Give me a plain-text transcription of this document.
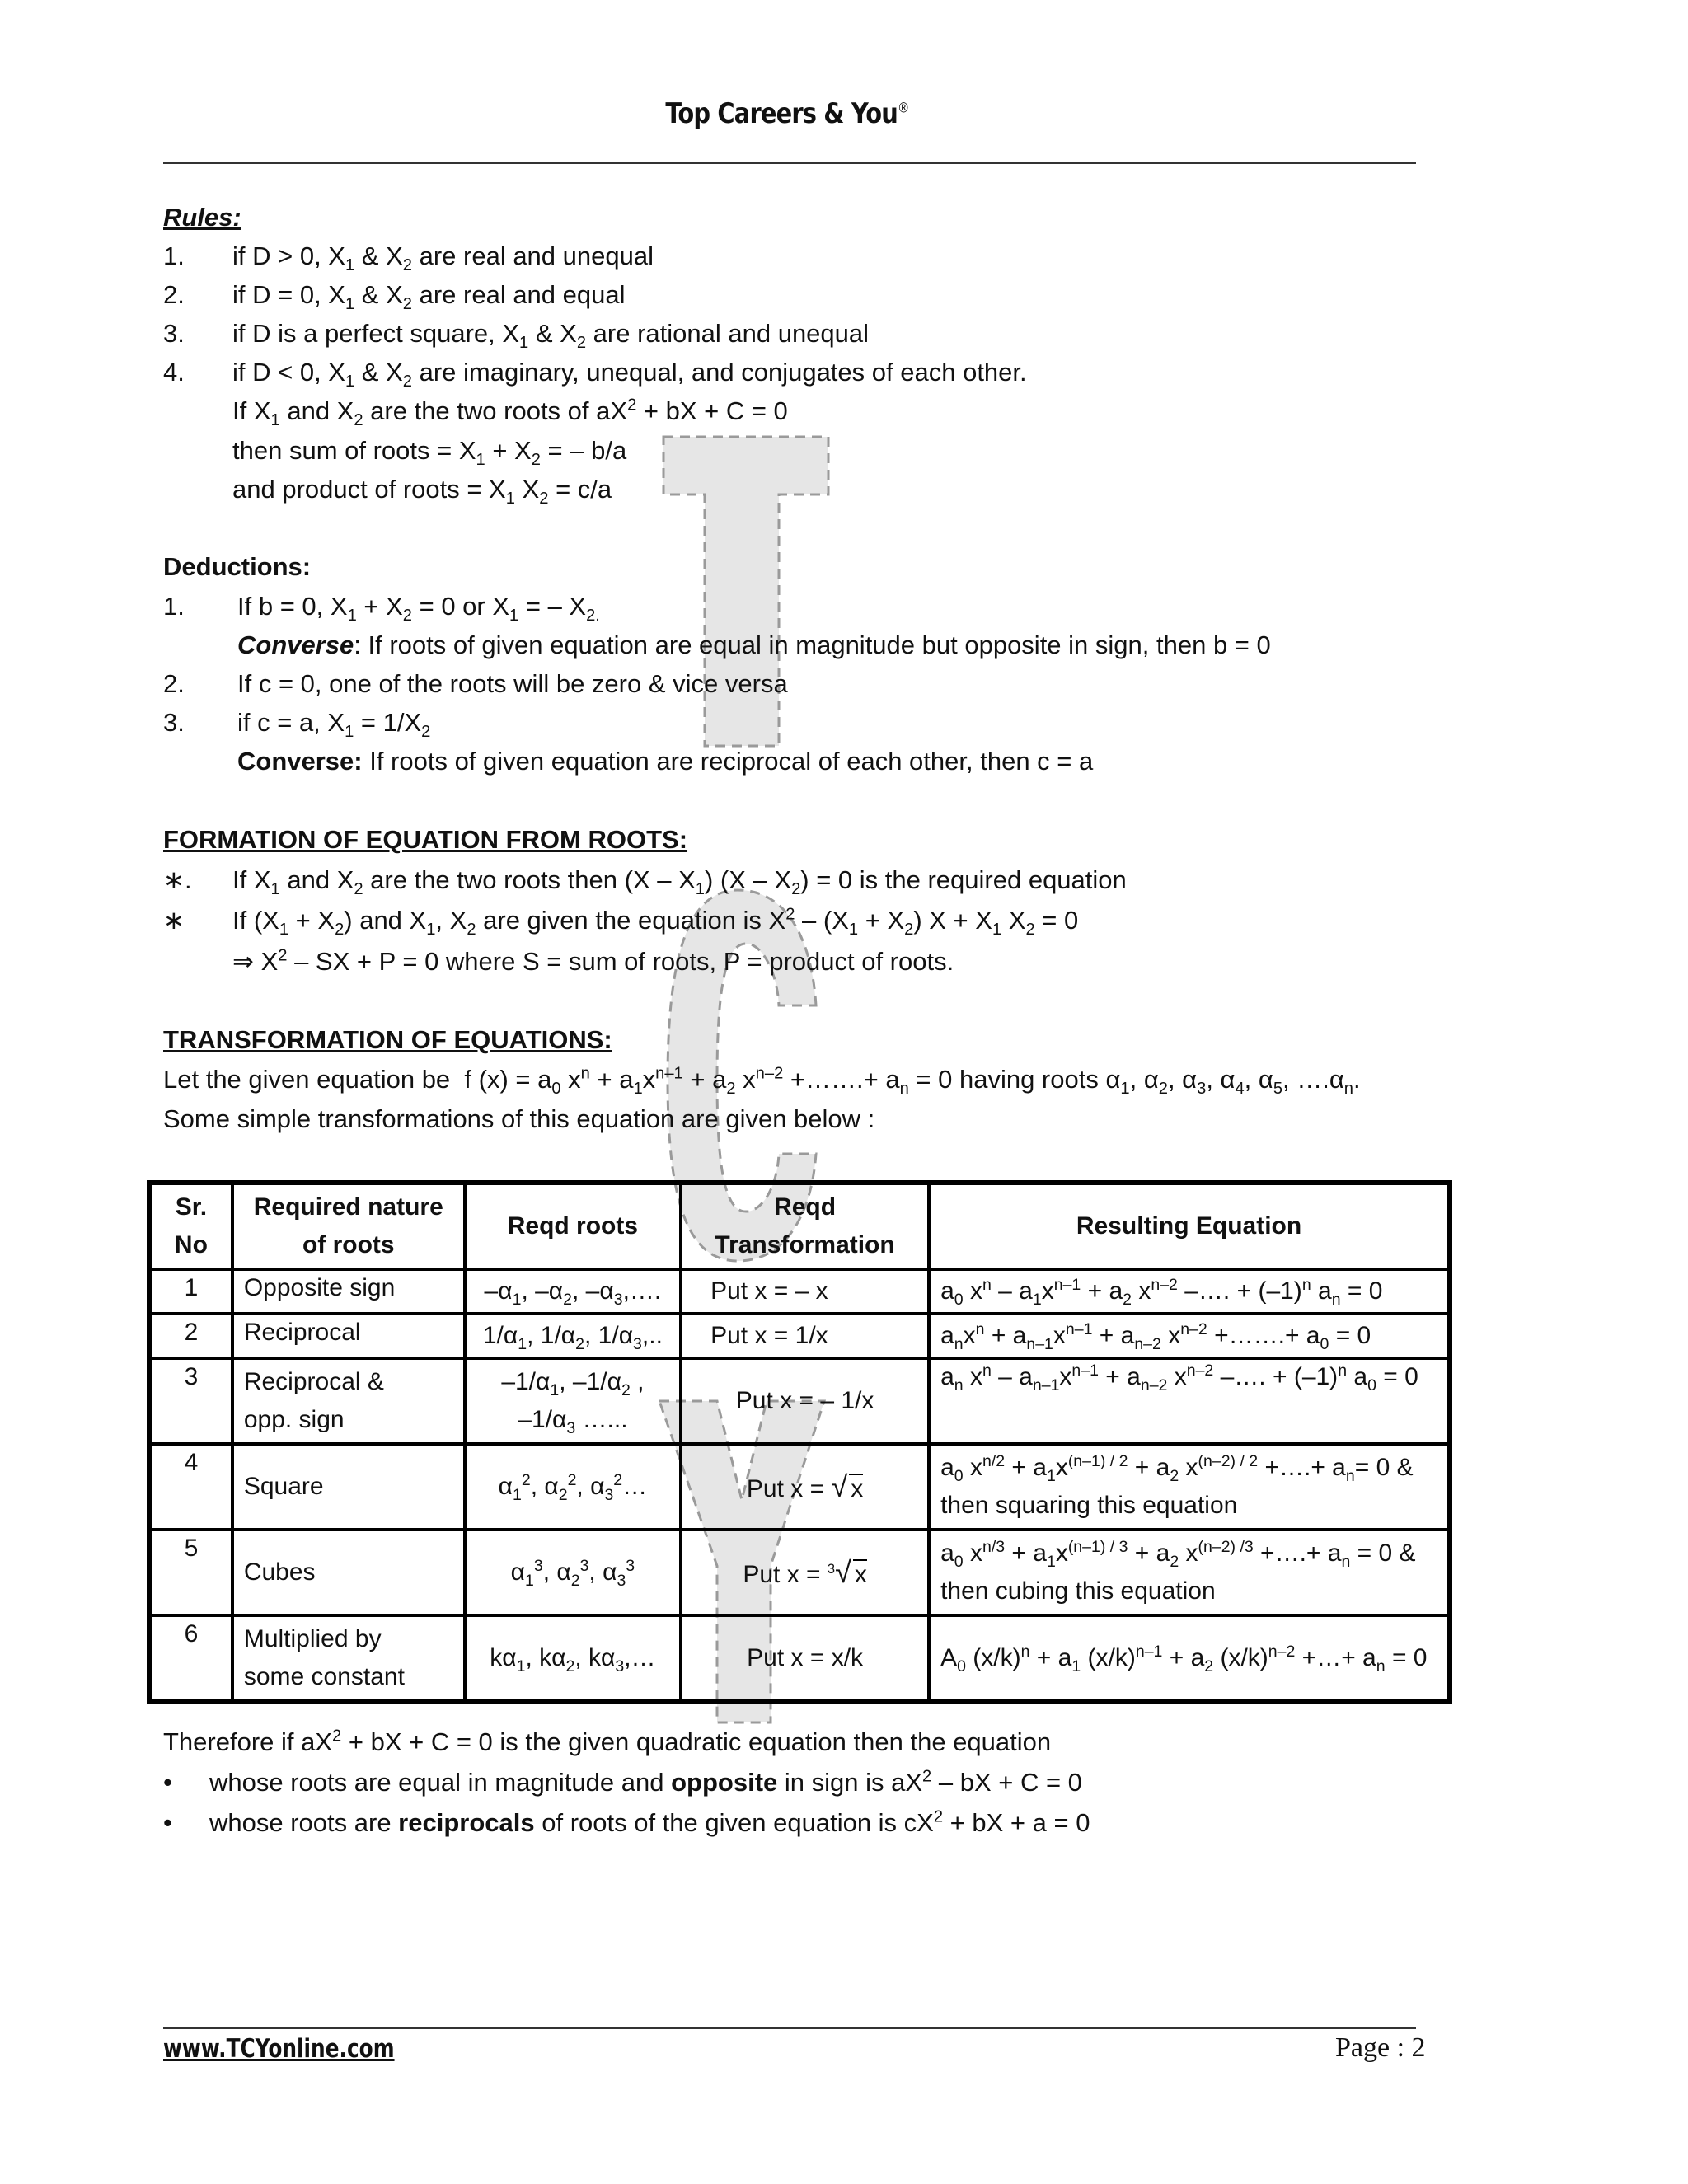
Top Careers & You®
Rules:
1. if D > 0, $X_1$ & $X_2$ are real and unequal
2. if D = 0, $X_1$ & $X_2$ are real and equal
3. if D is a perfect square, $X_1$ & $X_2$ are rational and unequal
4. if D < 0, $X_1$ & $X_2$ are imaginary, unequal, and conjugates of each other.
If $X_1$ and $X_2$ are the two roots of $aX^2$ + bX + C = 0
then sum of roots = $X_1 + X_2$ = – b/a
and product of roots = $X_1$ $X_2 = c/a$
Deductions:
1. If b = 0, $X_1 + X_2 = 0$ or $X_1$ = – $X_{2.}$
Converse: If roots of given equation are equal in magnitude but opposite in sign, then b = 0
2. If c = 0, one of the roots will be zero & vice versa
3. if c = a, $X_1 = 1/X_2$
Converse: If roots of given equation are reciprocal of each other, then c = a
FORMATION OF EQUATION FROM ROOTS:
∗. If $X_1$ and $X_2$ are the two roots then $(X - X_1)$ $(X - X_2) = 0$ is the required equation
∗ If $(X_1 + X_2)$ and $X_1$, $X_2$ are given the equation is $X^2 - (X_1 + X_2) X + X_1$ $X_2 = 0$
⇒ $X^2$ – SX + P = 0 where S = sum of roots, P = product of roots.
TRANSFORMATION OF EQUATIONS:
Let the given equation be  f $(x) = a_0$ $x^n + a_1x^{n-1} + a_2$ $x^{n-2}$ +…….+ $a_n = 0$ having roots $\alpha_1$, $\alpha_2$, $\alpha_3$, $\alpha_4$, $\alpha_5$, $\dots.\alpha_n$.
Some simple transformations of this equation are given below :
Sr.
No	Required nature
of roots	Reqd roots	Reqd
Transformation	Resulting Equation
1	Opposite sign	$-\alpha_1$, $-\alpha_2$, $-\alpha_3,\dots$.	Put x = – x	$a_0$ $x^n - a_1x^{n-1} + a_2$ $x^{n-2}$ –…. + $(-1)^n$ $a_n = 0$
2	Reciprocal	$1/\alpha_1$, $1/\alpha_2$, $1/\alpha_3$,..	Put x = 1/x	$a_nx^n + a_{n-1}x^{n-1} + a_{n-2}$ $x^{n-2}$ +…….+ $a_0 = 0$
3	Reciprocal &
opp. sign	$-1/\alpha_1$, $-1/\alpha_2$ ,
$-1/\alpha_3$ …...	Put x = – 1/x	$a_n$ $x^n - a_{n-1}x^{n-1} + a_{n-2}$ $x^{n-2}$ –…. + $(-1)^n$ $a_0 = 0$
4	Square	$\alpha_1^2$, $\alpha_2^2$, $\alpha_3^2\dots$	Put x = √ x	$a_0$ $x^{n/2} + a_1x^{(n-1) / 2} + a_2$ $x^{(n-2) / 2}$ +….+ $a_n= 0$ &
then squaring this equation
5	Cubes	$\alpha_1^3$, $\alpha_2^3$, $\alpha_3^3$	Put x = $^3$√ x	$a_0$ $x^{n/3} + a_1x^{(n-1) / 3} + a_2$ $x^{(n-2) /3}$ +….+ $a_n = 0$ &
then cubing this equation
6	Multiplied by
some constant	$k\alpha_1$, $k\alpha_2$, $k\alpha_3,\dots$	Put x = x/k	$A_0$ $(x/k)^n + a_1$ $(x/k)^{n-1} + a_2$ $(x/k)^{n-2}$ +…+ $a_n = 0$
Therefore if $aX^2$ + bX + C = 0 is the given quadratic equation then the equation
• whose roots are equal in magnitude and opposite in sign is $aX^2$ – bX + C = 0
• whose roots are reciprocals of roots of the given equation is $cX^2$ + bX + a = 0
www.TCYonline.com	Page : 2
